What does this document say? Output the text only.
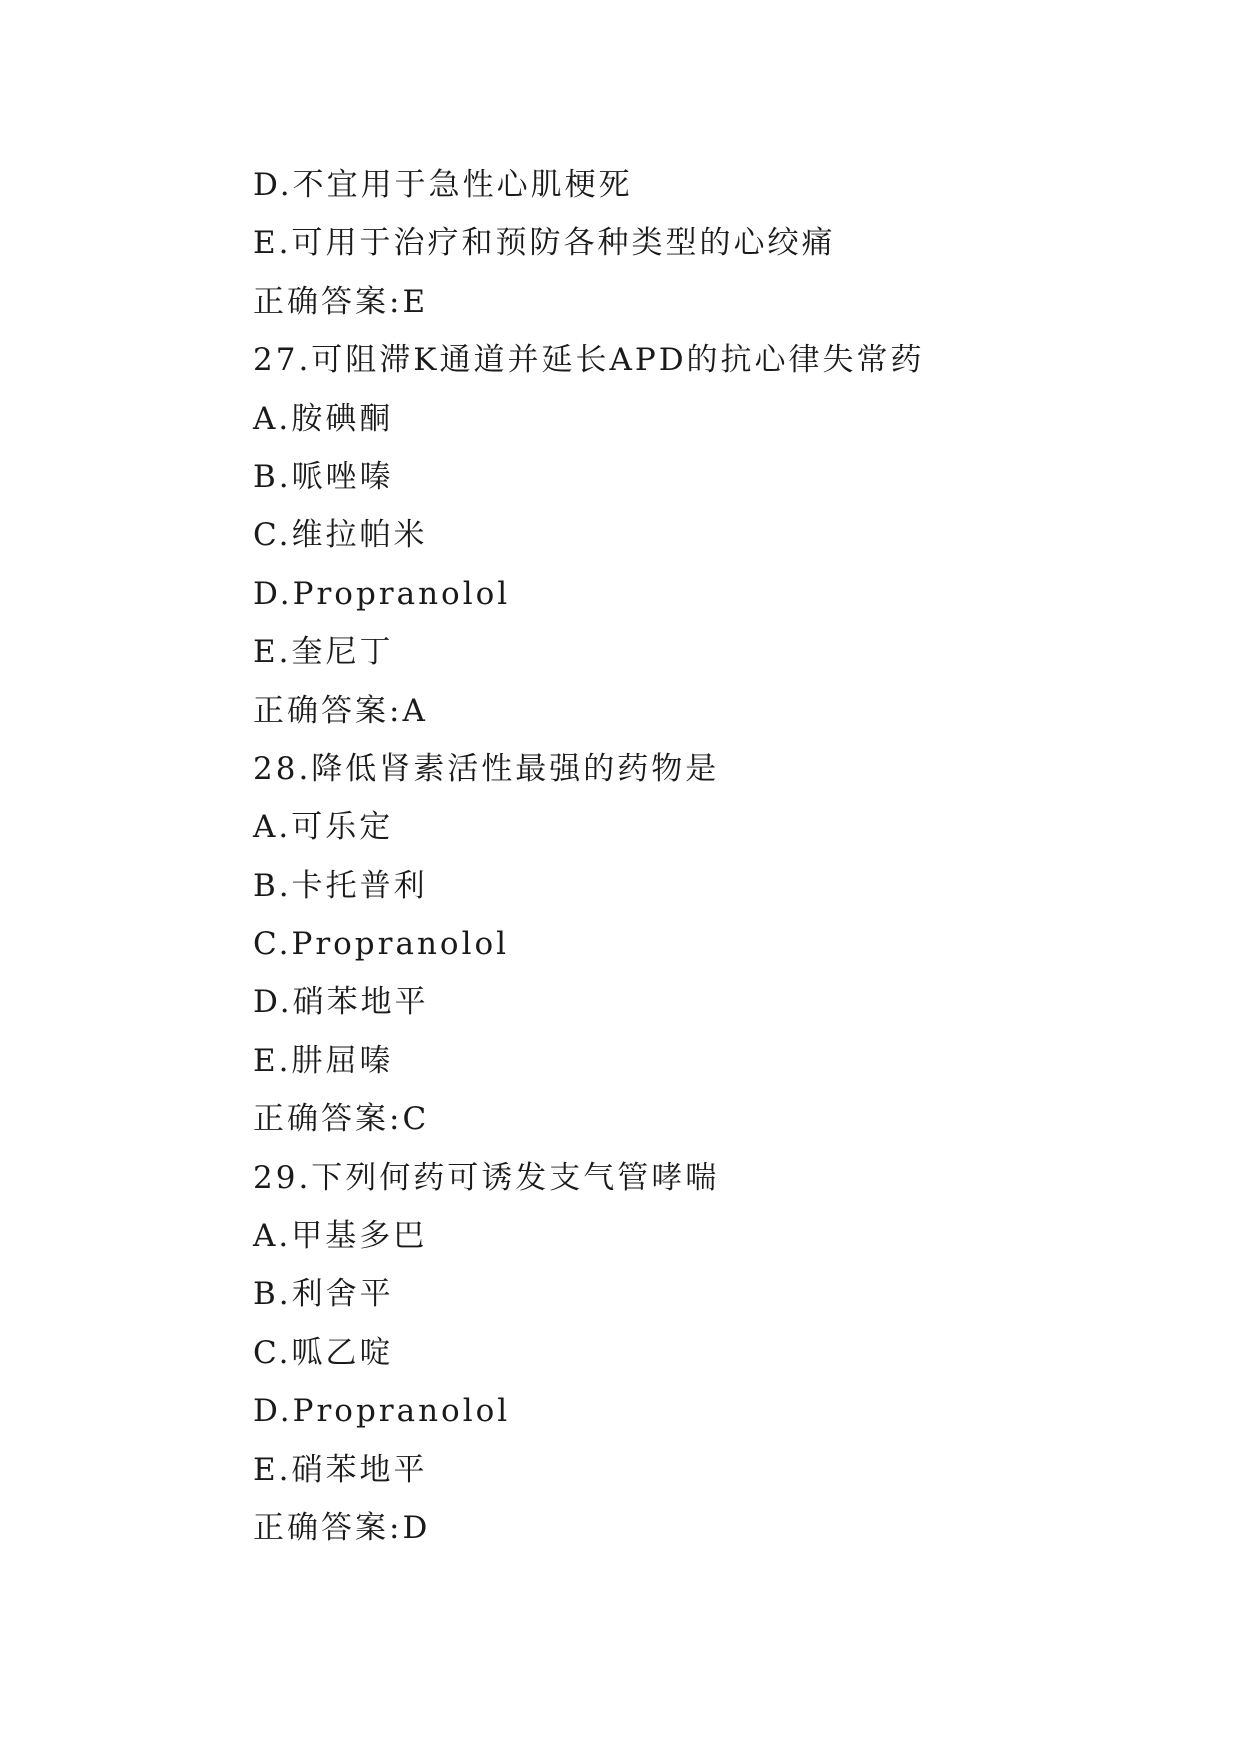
D.不宜用于急性心肌梗死
E.可用于治疗和预防各种类型的心绞痛
正确答案:E
27.可阻滞K通道并延长APD的抗心律失常药
A.胺碘酮
B.哌唑嗪
C.维拉帕米
D.Propranolol
E.奎尼丁
正确答案:A
28.降低肾素活性最强的药物是
A.可乐定
B.卡托普利
C.Propranolol
D.硝苯地平
E.肼屈嗪
正确答案:C
29.下列何药可诱发支气管哮喘
A.甲基多巴
B.利舍平
C.呱乙啶
D.Propranolol
E.硝苯地平
正确答案:D
